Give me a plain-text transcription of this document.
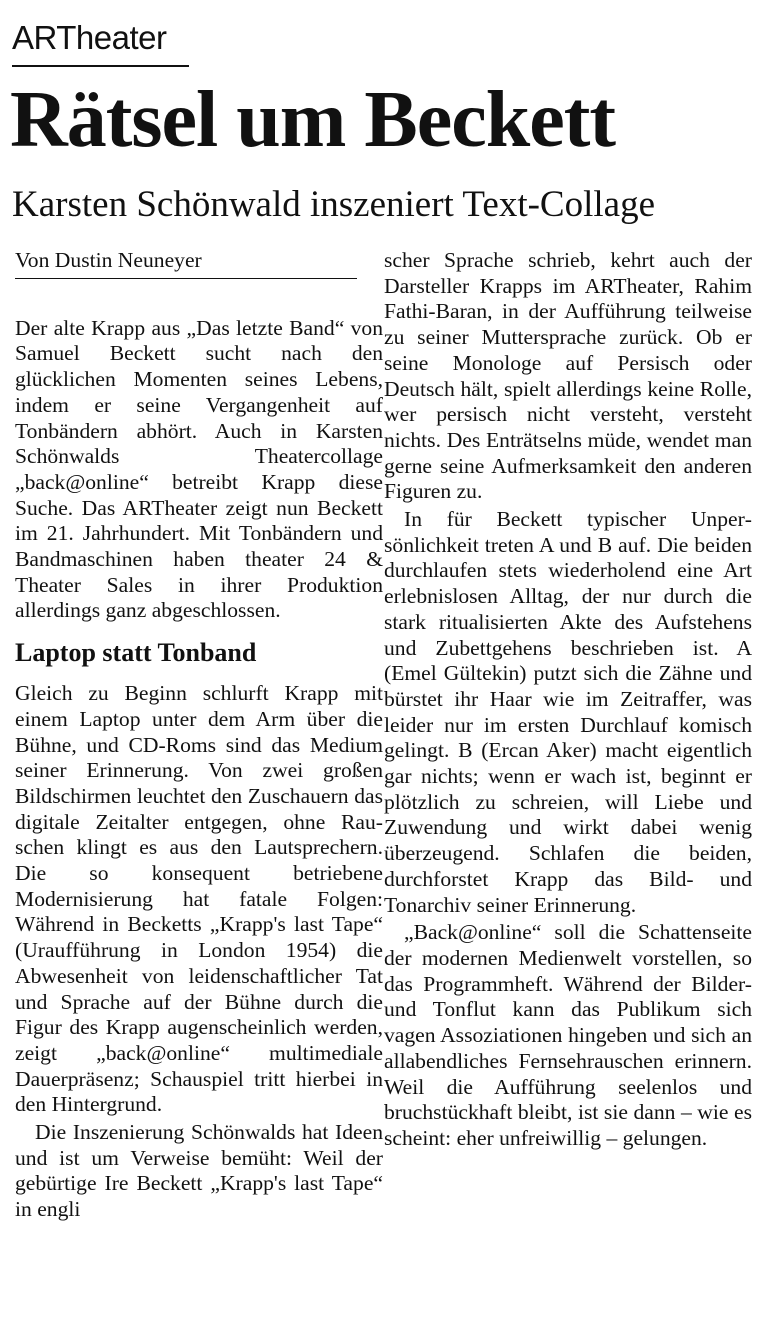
ARTheater
Rätsel um Beckett
Karsten Schönwald inszeniert Text-Collage
Von Dustin Neuneyer

Der alte Krapp aus „Das letzte Band“ von Samuel Beckett sucht nach den glücklichen Momenten seines Lebens, indem er seine Vergangenheit auf Tonbändern abhört. Auch in Karsten Schönwalds Theatercollage „back@online“ betreibt Krapp diese Suche. Das ARTheater zeigt nun Beckett im 21. Jahrhundert. Mit Tonbändern und Bandmaschinen haben theater 24 & Theater Sales in ihrer Produktion allerdings ganz abgeschlossen.

Laptop statt Tonband

Gleich zu Beginn schlurft Krapp mit einem Laptop unter dem Arm über die Bühne, und CD-Roms sind das Medium seiner Erinnerung. Von zwei großen Bildschirmen leuchtet den Zuschauern das digitale Zeitalter entgegen, ohne Rauschen klingt es aus den Lautsprechern. Die so konsequent betriebene Modernisierung hat fatale Folgen: Während in Becketts „Krapp's last Tape“ (Uraufführung in London 1954) die Abwesenheit von leidenschaftlicher Tat und Sprache auf der Bühne durch die Figur des Krapp augenscheinlich werden, zeigt „back@online“ multimediale Dauerpräsenz; Schauspiel tritt hierbei in den Hintergrund.

Die Inszenierung Schönwalds hat Ideen und ist um Verweise bemüht: Weil der gebürtige Ire Beckett „Krapp's last Tape“ in engli

scher Sprache schrieb, kehrt auch der Darsteller Krapps im ARTheater, Rahim Fathi-Baran, in der Aufführung teilweise zu seiner Muttersprache zurück. Ob er seine Monologe auf Persisch oder Deutsch hält, spielt allerdings keine Rolle, wer persisch nicht versteht, versteht nichts. Des Enträtselns müde, wendet man gerne seine Aufmerksamkeit den anderen Figuren zu.

In für Beckett typischer Unpersönlichkeit treten A und B auf. Die beiden durchlaufen stets wiederholend eine Art erlebnislosen Alltag, der nur durch die stark ritualisierten Akte des Aufstehens und Zubettgehens beschrieben ist. A (Emel Gültekin) putzt sich die Zähne und bürstet ihr Haar wie im Zeitraffer, was leider nur im ersten Durchlauf komisch gelingt. B (Ercan Aker) macht eigentlich gar nichts; wenn er wach ist, beginnt er plötzlich zu schreien, will Liebe und Zuwendung und wirkt dabei wenig überzeugend. Schlafen die beiden, durchforstet Krapp das Bild- und Tonarchiv seiner Erinnerung.

„Back@online“ soll die Schattenseite der modernen Medienwelt vorstellen, so das Programmheft. Während der Bilder- und Tonflut kann das Publikum sich vagen Assoziationen hingeben und sich an allabendliches Fernsehrauschen erinnern. Weil die Aufführung seelenlos und bruchstückhaft bleibt, ist sie dann – wie es scheint: eher unfreiwillig – gelungen.
